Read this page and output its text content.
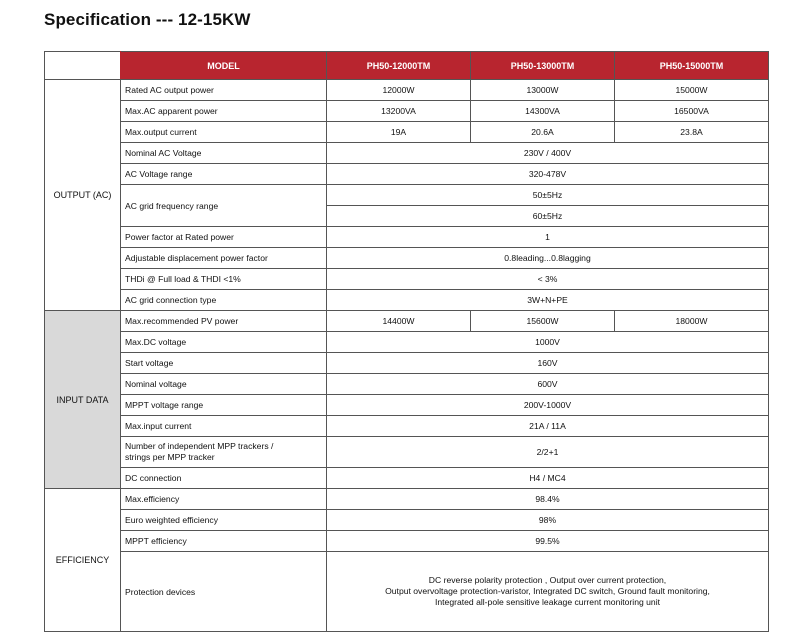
Specification --- 12-15KW
	MODEL	PH50-12000TM	PH50-13000TM	PH50-15000TM
OUTPUT (AC)	Rated AC output power	12000W	13000W	15000W
	Max.AC apparent power	13200VA	14300VA	16500VA
	Max.output current	19A	20.6A	23.8A
	Nominal AC Voltage	230V / 400V		
	AC Voltage range	320-478V		
	AC grid frequency range	50±5Hz		
		60±5Hz		
	Power factor at Rated power	1		
	Adjustable displacement power factor	0.8leading...0.8lagging		
	THDi @ Full load & THDI <1%	< 3%		
	AC grid connection type	3W+N+PE		
INPUT DATA	Max.recommended PV power	14400W	15600W	18000W
	Max.DC voltage	1000V		
	Start voltage	160V		
	Nominal voltage	600V		
	MPPT voltage range	200V-1000V		
	Max.input current	21A / 11A		
	Number of independent MPP trackers /
strings per MPP tracker	2/2+1		
	DC connection	H4 / MC4		
EFFICIENCY	Max.efficiency	98.4%		
	Euro weighted efficiency	98%		
	MPPT efficiency	99.5%		
	Protection devices	DC reverse polarity protection , Output over current protection,
Output overvoltage protection-varistor, Integrated DC switch, Ground fault monitoring,
Integrated all-pole sensitive leakage current monitoring unit		
